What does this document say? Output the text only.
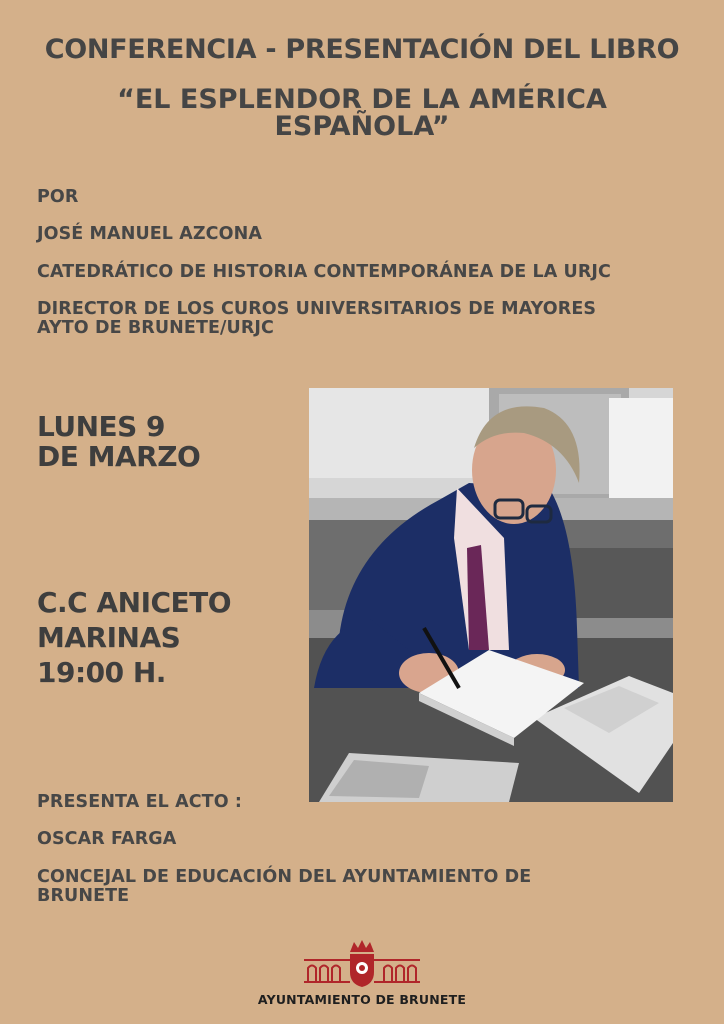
CONFERENCIA - PRESENTACIÓN DEL LIBRO
“EL ESPLENDOR DE LA AMÉRICA ESPAÑOLA”
POR
JOSÉ MANUEL AZCONA
CATEDRÁTICO DE HISTORIA CONTEMPORÁNEA DE LA URJC
DIRECTOR DE LOS CUROS UNIVERSITARIOS DE MAYORES
AYTO DE BRUNETE/URJC
LUNES 9
DE MARZO
C.C ANICETO
MARINAS
19:00 H.
PRESENTA EL ACTO :
OSCAR FARGA
CONCEJAL DE EDUCACIÓN DEL AYUNTAMIENTO DE
BRUNETE
AYUNTAMIENTO DE BRUNETE
